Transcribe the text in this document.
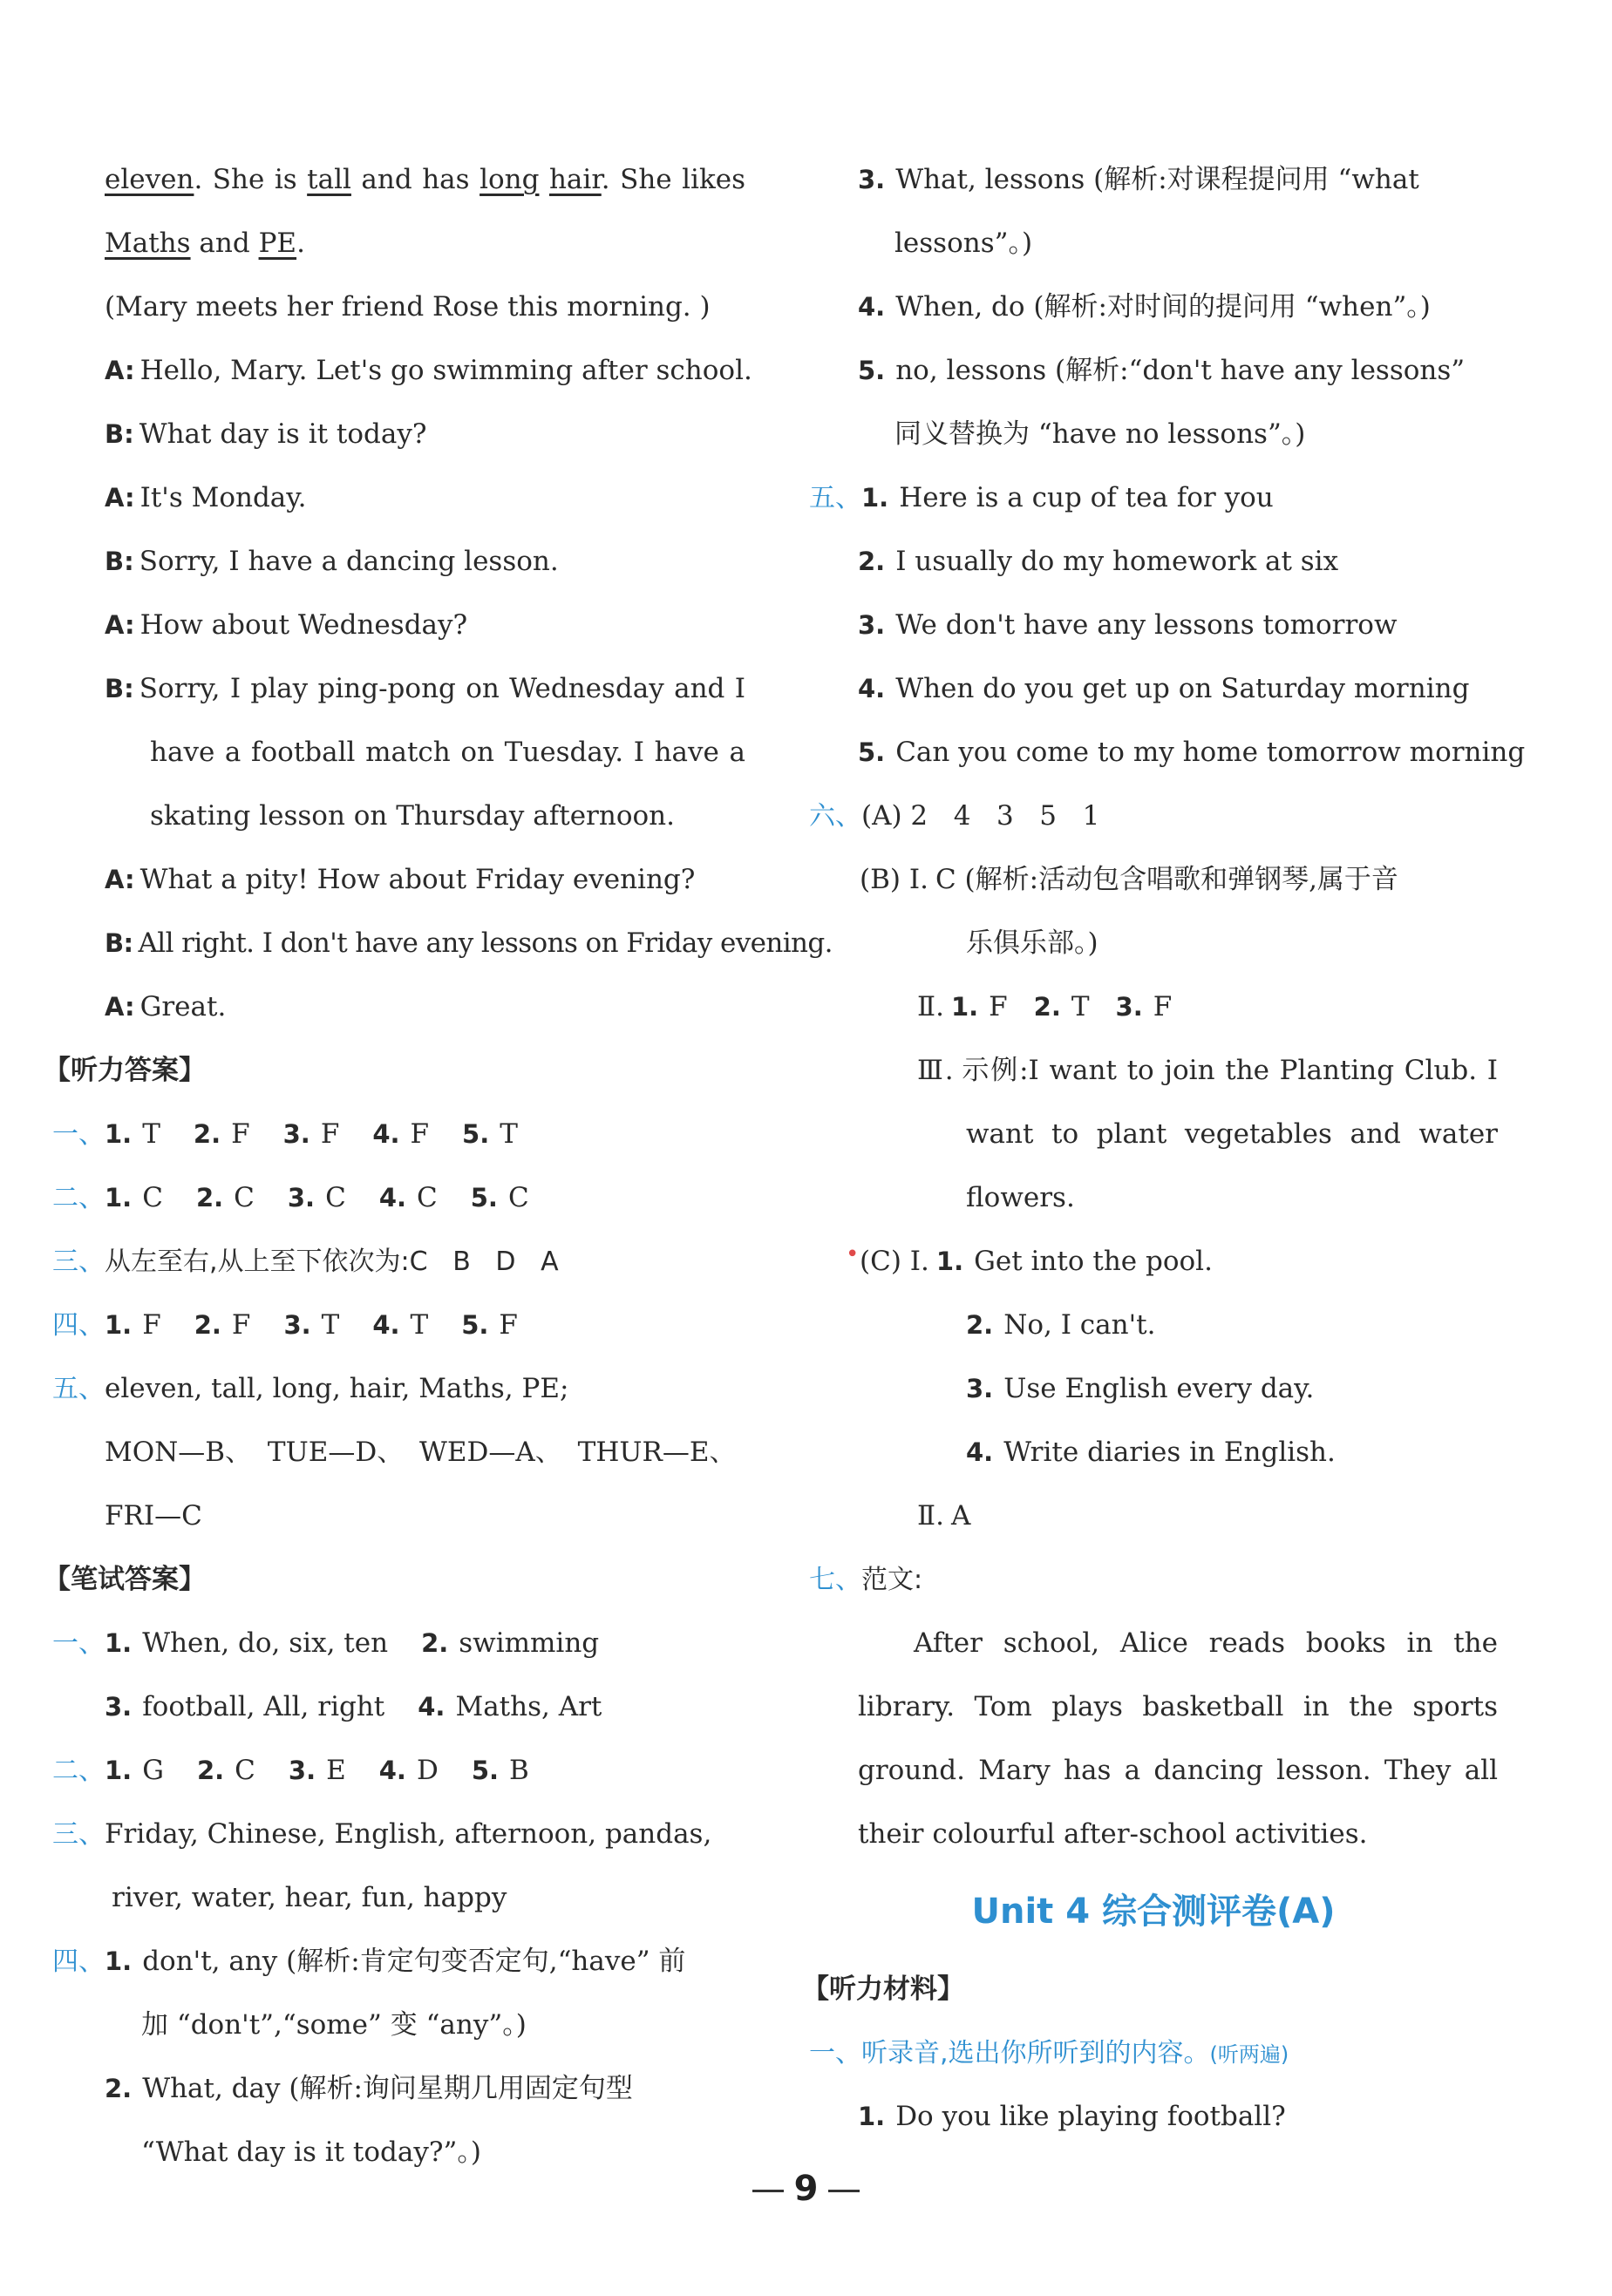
eleven. She is tall and has long hair. She likes
Maths and PE.
(Mary meets her friend Rose this morning. )
A: Hello, Mary. Let's go swimming after school.
B: What day is it today?
A: It's Monday.
B: Sorry, I have a dancing lesson.
A: How about Wednesday?
B: Sorry, I play ping-pong on Wednesday and I
have a football match on Tuesday. I have a
skating lesson on Thursday afternoon.
A: What a pity! How about Friday evening?
B: All right. I don't have any lessons on Friday evening.
A: Great.
【听力答案】
一、1. T 2. F 3. F 4. F 5. T
二、1. C 2. C 3. C 4. C 5. C
三、从左至右,从上至下依次为:C   B   D   A
四、1. F 2. F 3. T 4. T 5. F
五、eleven, tall, long, hair, Maths, PE;
MON—B、 TUE—D、 WED—A、 THUR—E、
FRI—C
【笔试答案】
一、1. When, do, six, ten 2. swimming
3. football, All, right 4. Maths, Art
二、1. G 2. C 3. E 4. D 5. B
三、Friday, Chinese, English, afternoon, pandas,
river, water, hear, fun, happy
四、1. don't, any (解析:肯定句变否定句,“have” 前
加 “don't”,“some” 变 “any”。)
2. What, day (解析:询问星期几用固定句型
“What day is it today?”。)
3. What, lessons (解析:对课程提问用 “what
lessons”。)
4. When, do (解析:对时间的提问用 “when”。)
5. no, lessons (解析:“don't have any lessons”
同义替换为 “have no lessons”。)
五、1. Here is a cup of tea for you
2. I usually do my homework at six
3. We don't have any lessons tomorrow
4. When do you get up on Saturday morning
5. Can you come to my home tomorrow morning
六、(A) 2   4   3   5   1
(B) Ⅰ. C (解析:活动包含唱歌和弹钢琴,属于音
乐俱乐部。)
Ⅱ. 1. F 2. T 3. F
Ⅲ. 示例:I want to join the Planting Club. I
want to plant vegetables and water
flowers.
• (C) Ⅰ. 1. Get into the pool.
2. No, I can't.
3. Use English every day.
4. Write diaries in English.
Ⅱ. A
七、范文:
After school, Alice reads books in the
library. Tom plays basketball in the sports
ground. Mary has a dancing lesson. They all
their colourful after-school activities.
Unit 4 综合测评卷(A)
【听力材料】
一、听录音,选出你所听到的内容。(听两遍)
1. Do you like playing football?
9
